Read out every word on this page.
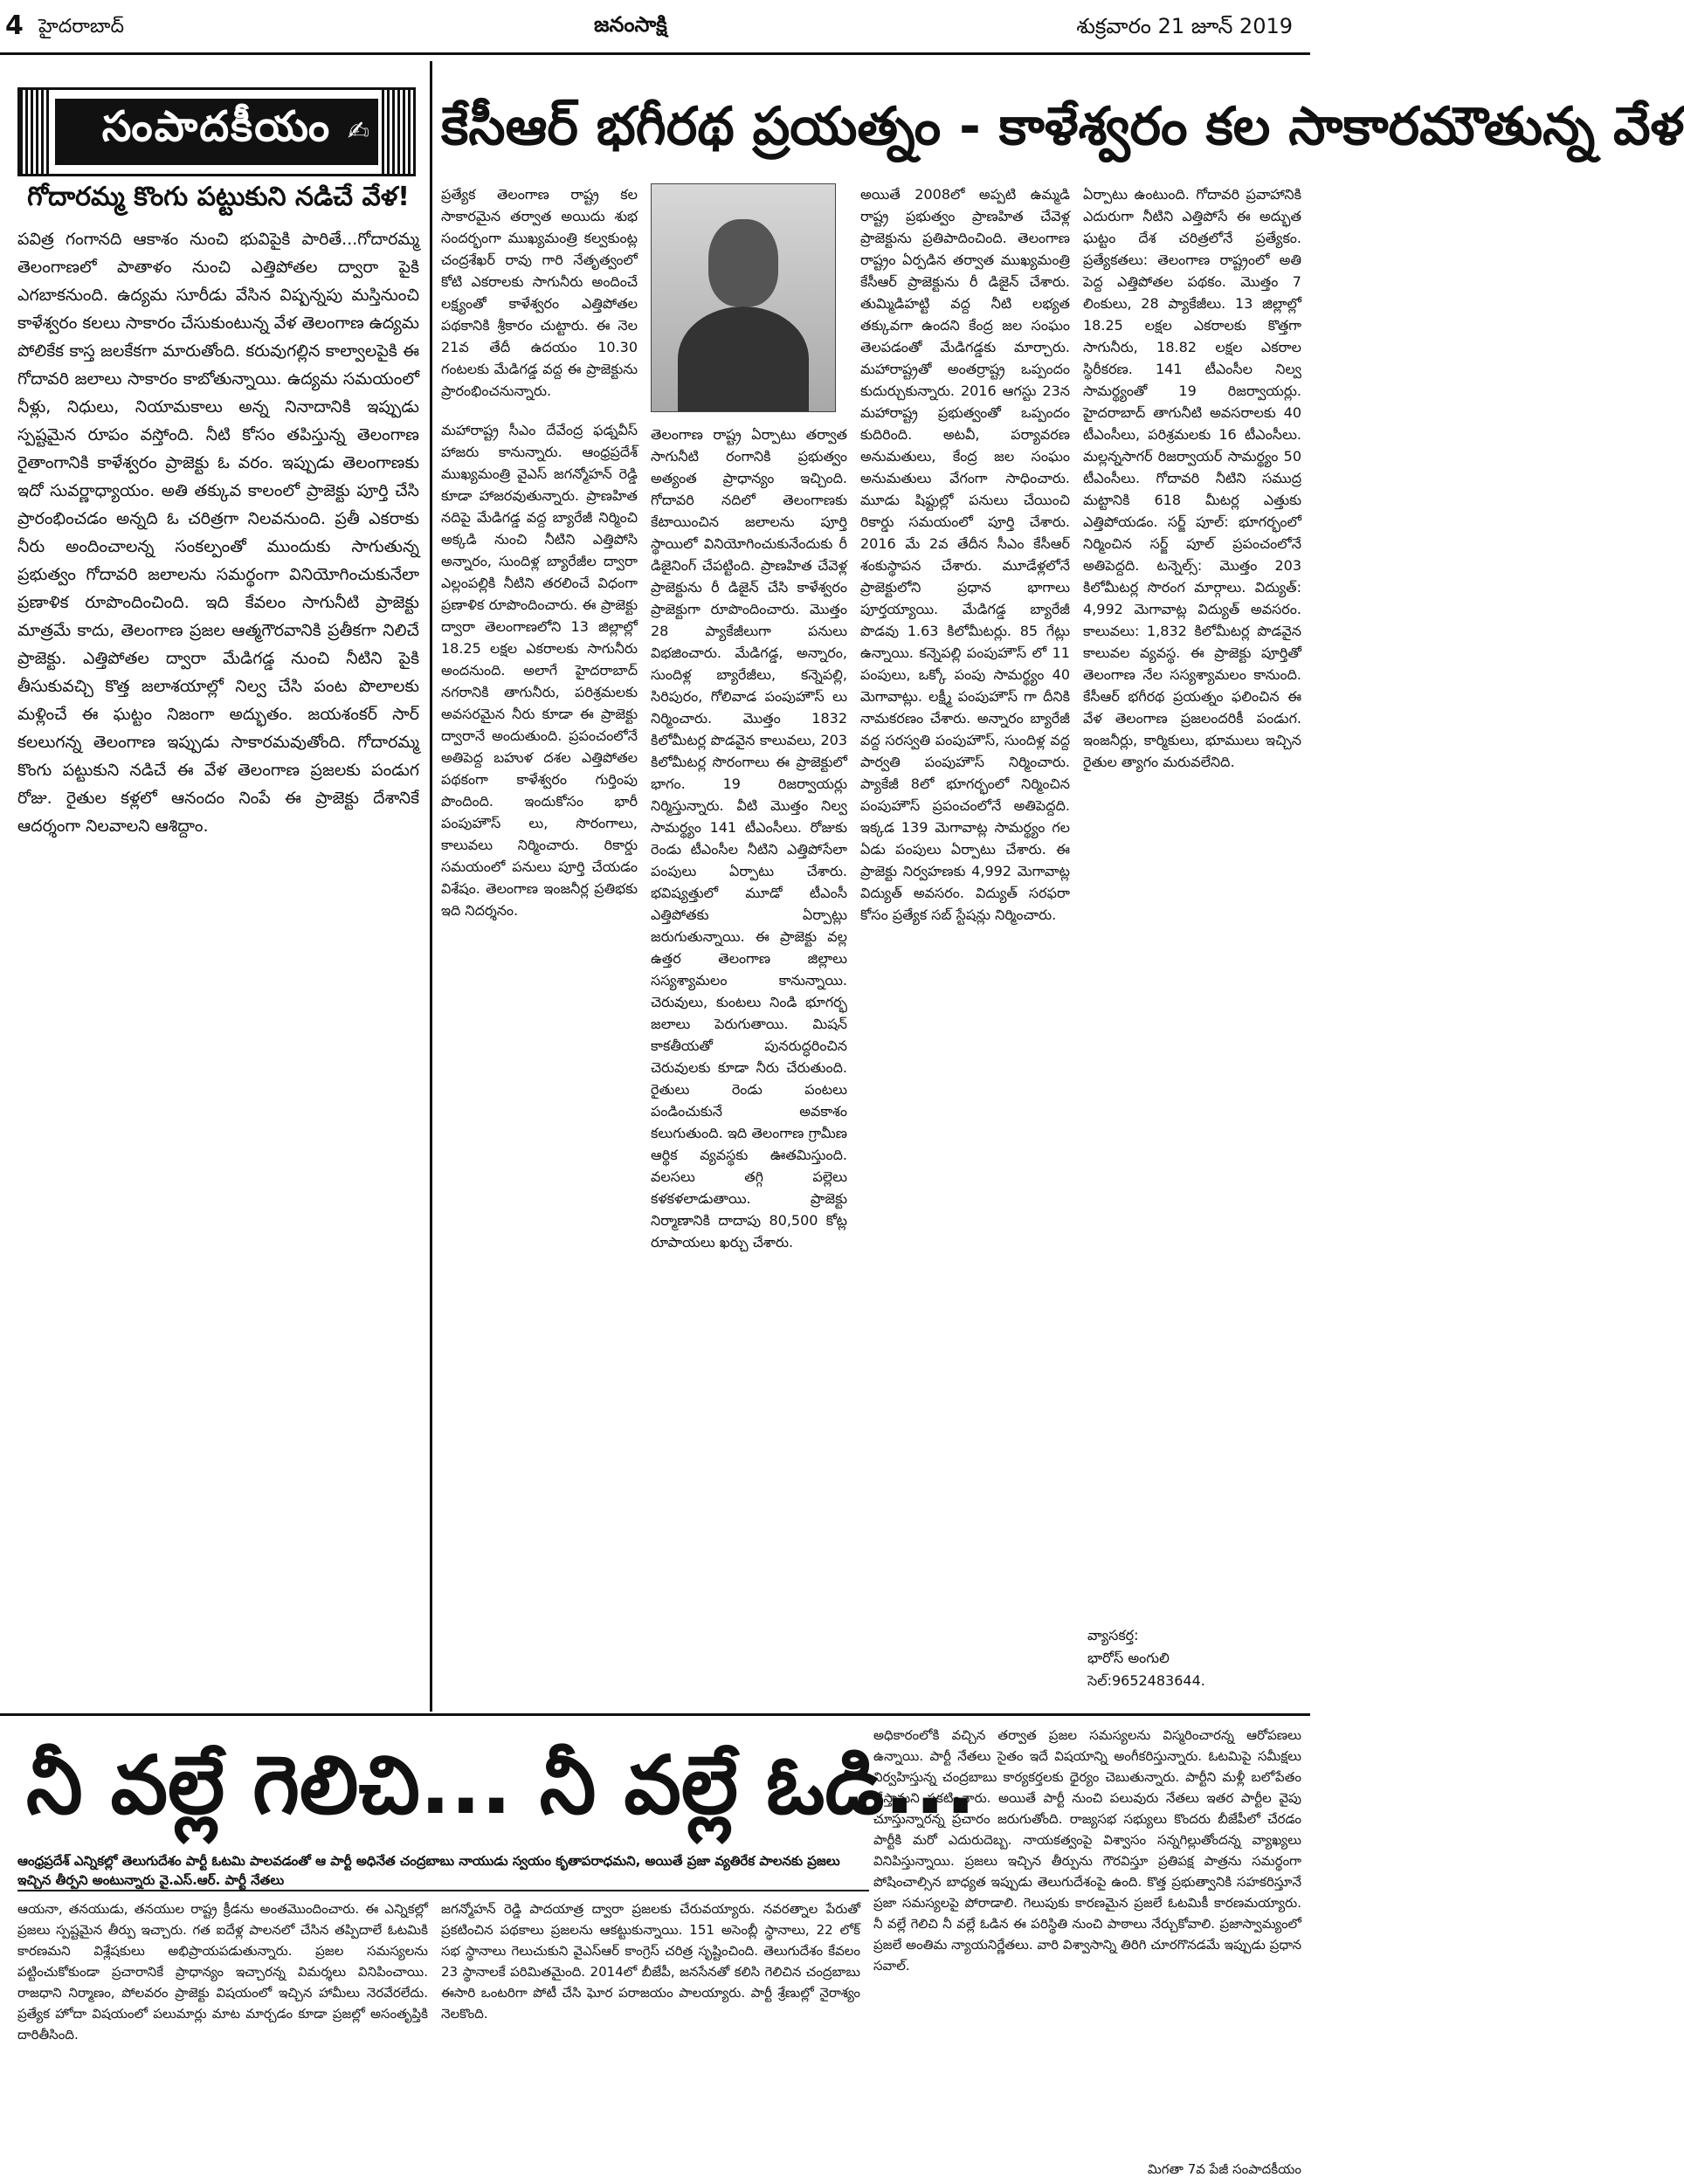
4 హైదరాబాద్	జనంసాక్షి	శుక్రవారం 21 జూన్ 2019
సంపాదకీయం ✍
గోదారమ్మ కొంగు పట్టుకుని నడిచే వేళ!
పవిత్ర గంగానది ఆకాశం నుంచి భువిపైకి పారితే...గోదారమ్మ తెలంగాణలో పాతాళం నుంచి ఎత్తిపోతల ద్వారా పైకి ఎగబాకనుంది. ఉద్యమ సూరీడు వేసిన విష్పన్నపు మస్తినుంచి కాళేశ్వరం కలలు సాకారం చేసుకుంటున్న వేళ తెలంగాణ ఉద్యమ పోలికేక కాస్త జలకేకగా మారుతోంది. కరువుగల్లిన కాల్వాలపైకి ఈ గోదావరి జలాలు సాకారం కాబోతున్నాయి. ఉద్యమ సమయంలో నీళ్లు, నిధులు, నియామకాలు అన్న నినాదానికి ఇప్పుడు స్పష్టమైన రూపం వస్తోంది. నీటి కోసం తపిస్తున్న తెలంగాణ రైతాంగానికి కాళేశ్వరం ప్రాజెక్టు ఓ వరం. ఇప్పుడు తెలంగాణకు ఇదో సువర్ణాధ్యాయం. అతి తక్కువ కాలంలో ప్రాజెక్టు పూర్తి చేసి ప్రారంభించడం అన్నది ఓ చరిత్రగా నిలవనుంది. ప్రతీ ఎకరాకు నీరు అందించాలన్న సంకల్పంతో ముందుకు సాగుతున్న ప్రభుత్వం గోదావరి జలాలను సమర్థంగా వినియోగించుకునేలా ప్రణాళిక రూపొందించింది. ఇది కేవలం సాగునీటి ప్రాజెక్టు మాత్రమే కాదు, తెలంగాణ ప్రజల ఆత్మగౌరవానికి ప్రతీకగా నిలిచే ప్రాజెక్టు. ఎత్తిపోతల ద్వారా మేడిగడ్డ నుంచి నీటిని పైకి తీసుకువచ్చి కొత్త జలాశయాల్లో నిల్వ చేసి పంట పొలాలకు మళ్లించే ఈ ఘట్టం నిజంగా అద్భుతం. జయశంకర్ సార్ కలలుగన్న తెలంగాణ ఇప్పుడు సాకారమవుతోంది. గోదారమ్మ కొంగు పట్టుకుని నడిచే ఈ వేళ తెలంగాణ ప్రజలకు పండుగ రోజు. రైతుల కళ్లలో ఆనందం నింపే ఈ ప్రాజెక్టు దేశానికే ఆదర్శంగా నిలవాలని ఆశిద్దాం.
కేసీఆర్ భగీరథ ప్రయత్నం - కాళేశ్వరం కల సాకారమౌతున్న వేళ
ప్రత్యేక తెలంగాణ రాష్ట్ర కల సాకారమైన తర్వాత అయిదు శుభ సందర్భంగా ముఖ్యమంత్రి కల్వకుంట్ల చంద్రశేఖర్ రావు గారి నేతృత్వంలో కోటి ఎకరాలకు సాగునీరు అందించే లక్ష్యంతో కాళేశ్వరం ఎత్తిపోతల పథకానికి శ్రీకారం చుట్టారు. ఈ నెల 21వ తేదీ ఉదయం 10.30 గంటలకు మేడిగడ్డ వద్ద ఈ ప్రాజెక్టును ప్రారంభించనున్నారు.
మహారాష్ట్ర సీఎం దేవేంద్ర ఫడ్నవీస్ హాజరు కానున్నారు. ఆంధ్రప్రదేశ్ ముఖ్యమంత్రి వైఎస్ జగన్మోహన్ రెడ్డి కూడా హాజరవుతున్నారు. ప్రాణహిత నదిపై మేడిగడ్డ వద్ద బ్యారేజీ నిర్మించి అక్కడి నుంచి నీటిని ఎత్తిపోసి అన్నారం, సుందిళ్ల బ్యారేజీల ద్వారా ఎల్లంపల్లికి నీటిని తరలించే విధంగా ప్రణాళిక రూపొందించారు. ఈ ప్రాజెక్టు ద్వారా తెలంగాణలోని 13 జిల్లాల్లో 18.25 లక్షల ఎకరాలకు సాగునీరు అందనుంది. అలాగే హైదరాబాద్ నగరానికి తాగునీరు, పరిశ్రమలకు అవసరమైన నీరు కూడా ఈ ప్రాజెక్టు ద్వారానే అందుతుంది. ప్రపంచంలోనే అతిపెద్ద బహుళ దశల ఎత్తిపోతల పథకంగా కాళేశ్వరం గుర్తింపు పొందింది. ఇందుకోసం భారీ పంపుహౌస్ లు, సొరంగాలు, కాలువలు నిర్మించారు. రికార్డు సమయంలో పనులు పూర్తి చేయడం విశేషం. తెలంగాణ ఇంజనీర్ల ప్రతిభకు ఇది నిదర్శనం.
తెలంగాణ రాష్ట్ర ఏర్పాటు తర్వాత సాగునీటి రంగానికి ప్రభుత్వం అత్యంత ప్రాధాన్యం ఇచ్చింది. గోదావరి నదిలో తెలంగాణకు కేటాయించిన జలాలను పూర్తి స్థాయిలో వినియోగించుకునేందుకు రీ డిజైనింగ్ చేపట్టింది. ప్రాణహిత చేవెళ్ల ప్రాజెక్టును రీ డిజైన్ చేసి కాళేశ్వరం ప్రాజెక్టుగా రూపొందించారు. మొత్తం 28 ప్యాకేజీలుగా పనులు విభజించారు. మేడిగడ్డ, అన్నారం, సుందిళ్ల బ్యారేజీలు, కన్నెపల్లి, సిరిపురం, గోలివాడ పంపుహౌస్ లు నిర్మించారు. మొత్తం 1832 కిలోమీటర్ల పొడవైన కాలువలు, 203 కిలోమీటర్ల సొరంగాలు ఈ ప్రాజెక్టులో భాగం. 19 రిజర్వాయర్లు నిర్మిస్తున్నారు. వీటి మొత్తం నిల్వ సామర్థ్యం 141 టీఎంసీలు. రోజుకు రెండు టీఎంసీల నీటిని ఎత్తిపోసేలా పంపులు ఏర్పాటు చేశారు. భవిష్యత్తులో మూడో టీఎంసీ ఎత్తిపోతకు ఏర్పాట్లు జరుగుతున్నాయి. ఈ ప్రాజెక్టు వల్ల ఉత్తర తెలంగాణ జిల్లాలు సస్యశ్యామలం కానున్నాయి. చెరువులు, కుంటలు నిండి భూగర్భ జలాలు పెరుగుతాయి. మిషన్ కాకతీయతో పునరుద్ధరించిన చెరువులకు కూడా నీరు చేరుతుంది. రైతులు రెండు పంటలు పండించుకునే అవకాశం కలుగుతుంది. ఇది తెలంగాణ గ్రామీణ ఆర్థిక వ్యవస్థకు ఊతమిస్తుంది. వలసలు తగ్గి పల్లెలు కళకళలాడుతాయి. ప్రాజెక్టు నిర్మాణానికి దాదాపు 80,500 కోట్ల రూపాయలు ఖర్చు చేశారు.
అయితే 2008లో అప్పటి ఉమ్మడి రాష్ట్ర ప్రభుత్వం ప్రాణహిత చేవెళ్ల ప్రాజెక్టును ప్రతిపాదించింది. తెలంగాణ రాష్ట్రం ఏర్పడిన తర్వాత ముఖ్యమంత్రి కేసీఆర్ ప్రాజెక్టును రీ డిజైన్ చేశారు. తుమ్మిడిహట్టి వద్ద నీటి లభ్యత తక్కువగా ఉందని కేంద్ర జల సంఘం తెలపడంతో మేడిగడ్డకు మార్చారు. మహారాష్ట్రతో అంతర్రాష్ట్ర ఒప్పందం కుదుర్చుకున్నారు. 2016 ఆగస్టు 23న మహారాష్ట్ర ప్రభుత్వంతో ఒప్పందం కుదిరింది. అటవీ, పర్యావరణ అనుమతులు, కేంద్ర జల సంఘం అనుమతులు వేగంగా సాధించారు. మూడు షిఫ్టుల్లో పనులు చేయించి రికార్డు సమయంలో పూర్తి చేశారు. 2016 మే 2వ తేదీన సీఎం కేసీఆర్ శంకుస్థాపన చేశారు. మూడేళ్లలోనే ప్రాజెక్టులోని ప్రధాన భాగాలు పూర్తయ్యాయి. మేడిగడ్డ బ్యారేజీ పొడవు 1.63 కిలోమీటర్లు. 85 గేట్లు ఉన్నాయి. కన్నెపల్లి పంపుహౌస్ లో 11 పంపులు, ఒక్కో పంపు సామర్థ్యం 40 మెగావాట్లు. లక్ష్మీ పంపుహౌస్ గా దీనికి నామకరణం చేశారు. అన్నారం బ్యారేజీ వద్ద సరస్వతి పంపుహౌస్, సుందిళ్ల వద్ద పార్వతి పంపుహౌస్ నిర్మించారు. ప్యాకేజీ 8లో భూగర్భంలో నిర్మించిన పంపుహౌస్ ప్రపంచంలోనే అతిపెద్దది. ఇక్కడ 139 మెగావాట్ల సామర్థ్యం గల ఏడు పంపులు ఏర్పాటు చేశారు. ఈ ప్రాజెక్టు నిర్వహణకు 4,992 మెగావాట్ల విద్యుత్ అవసరం. విద్యుత్ సరఫరా కోసం ప్రత్యేక సబ్ స్టేషన్లు నిర్మించారు.
ఏర్పాటు ఉంటుంది. గోదావరి ప్రవాహానికి ఎదురుగా నీటిని ఎత్తిపోసే ఈ అద్భుత ఘట్టం దేశ చరిత్రలోనే ప్రత్యేకం. ప్రత్యేకతలు: తెలంగాణ రాష్ట్రంలో అతి పెద్ద ఎత్తిపోతల పథకం. మొత్తం 7 లింకులు, 28 ప్యాకేజీలు. 13 జిల్లాల్లో 18.25 లక్షల ఎకరాలకు కొత్తగా సాగునీరు, 18.82 లక్షల ఎకరాల స్థిరీకరణ. 141 టీఎంసీల నిల్వ సామర్థ్యంతో 19 రిజర్వాయర్లు. హైదరాబాద్ తాగునీటి అవసరాలకు 40 టీఎంసీలు, పరిశ్రమలకు 16 టీఎంసీలు. మల్లన్నసాగర్ రిజర్వాయర్ సామర్థ్యం 50 టీఎంసీలు. గోదావరి నీటిని సముద్ర మట్టానికి 618 మీటర్ల ఎత్తుకు ఎత్తిపోయడం. సర్జ్ పూల్: భూగర్భంలో నిర్మించిన సర్జ్ పూల్ ప్రపంచంలోనే అతిపెద్దది. టన్నెల్స్: మొత్తం 203 కిలోమీటర్ల సొరంగ మార్గాలు. విద్యుత్: 4,992 మెగావాట్ల విద్యుత్ అవసరం. కాలువలు: 1,832 కిలోమీటర్ల పొడవైన కాలువల వ్యవస్థ. ఈ ప్రాజెక్టు పూర్తితో తెలంగాణ నేల సస్యశ్యామలం కానుంది. కేసీఆర్ భగీరథ ప్రయత్నం ఫలించిన ఈ వేళ తెలంగాణ ప్రజలందరికీ పండుగ. ఇంజనీర్లు, కార్మికులు, భూములు ఇచ్చిన రైతుల త్యాగం మరువలేనిది.
వ్యాసకర్త:
భారోస్ అంగులి
సెల్:9652483644.
నీ వల్లే గెలిచి... నీ వల్లే ఓడి...
ఆంధ్రప్రదేశ్ ఎన్నికల్లో తెలుగుదేశం పార్టీ ఓటమి పాలవడంతో ఆ పార్టీ అధినేత చంద్రబాబు నాయుడు స్వయం కృతాపరాధమని, అయితే ప్రజా వ్యతిరేక పాలనకు ప్రజలు ఇచ్చిన తీర్పని అంటున్నారు వై.ఎస్.ఆర్. పార్టీ నేతలు
ఆయనా, తనయుడు, తనయుల రాష్ట్ర క్రీడను అంతమొందించారు. ఈ ఎన్నికల్లో ప్రజలు స్పష్టమైన తీర్పు ఇచ్చారు. గత ఐదేళ్ల పాలనలో చేసిన తప్పిదాలే ఓటమికి కారణమని విశ్లేషకులు అభిప్రాయపడుతున్నారు. ప్రజల సమస్యలను పట్టించుకోకుండా ప్రచారానికే ప్రాధాన్యం ఇచ్చారన్న విమర్శలు వినిపించాయి. రాజధాని నిర్మాణం, పోలవరం ప్రాజెక్టు విషయంలో ఇచ్చిన హామీలు నెరవేరలేదు. ప్రత్యేక హోదా విషయంలో పలుమార్లు మాట మార్చడం కూడా ప్రజల్లో అసంతృప్తికి దారితీసింది.
జగన్మోహన్ రెడ్డి పాదయాత్ర ద్వారా ప్రజలకు చేరువయ్యారు. నవరత్నాల పేరుతో ప్రకటించిన పథకాలు ప్రజలను ఆకట్టుకున్నాయి. 151 అసెంబ్లీ స్థానాలు, 22 లోక్ సభ స్థానాలు గెలుచుకుని వైఎస్ఆర్ కాంగ్రెస్ చరిత్ర సృష్టించింది. తెలుగుదేశం కేవలం 23 స్థానాలకే పరిమితమైంది. 2014లో బీజేపీ, జనసేనతో కలిసి గెలిచిన చంద్రబాబు ఈసారి ఒంటరిగా పోటీ చేసి ఘోర పరాజయం పాలయ్యారు. పార్టీ శ్రేణుల్లో నైరాశ్యం నెలకొంది.
అధికారంలోకి వచ్చిన తర్వాత ప్రజల సమస్యలను విస్మరించారన్న ఆరోపణలు ఉన్నాయి. పార్టీ నేతలు సైతం ఇదే విషయాన్ని అంగీకరిస్తున్నారు. ఓటమిపై సమీక్షలు నిర్వహిస్తున్న చంద్రబాబు కార్యకర్తలకు ధైర్యం చెబుతున్నారు. పార్టీని మళ్లీ బలోపేతం చేస్తామని ప్రకటించారు. అయితే పార్టీ నుంచి పలువురు నేతలు ఇతర పార్టీల వైపు చూస్తున్నారన్న ప్రచారం జరుగుతోంది. రాజ్యసభ సభ్యులు కొందరు బీజేపీలో చేరడం పార్టీకి మరో ఎదురుదెబ్బ. నాయకత్వంపై విశ్వాసం సన్నగిల్లుతోందన్న వ్యాఖ్యలు వినిపిస్తున్నాయి. ప్రజలు ఇచ్చిన తీర్పును గౌరవిస్తూ ప్రతిపక్ష పాత్రను సమర్థంగా పోషించాల్సిన బాధ్యత ఇప్పుడు తెలుగుదేశంపై ఉంది. కొత్త ప్రభుత్వానికి సహకరిస్తూనే ప్రజా సమస్యలపై పోరాడాలి. గెలుపుకు కారణమైన ప్రజలే ఓటమికీ కారణమయ్యారు. నీ వల్లే గెలిచి నీ వల్లే ఓడిన ఈ పరిస్థితి నుంచి పాఠాలు నేర్చుకోవాలి. ప్రజాస్వామ్యంలో ప్రజలే అంతిమ న్యాయనిర్ణేతలు. వారి విశ్వాసాన్ని తిరిగి చూరగొనడమే ఇప్పుడు ప్రధాన సవాల్.
మిగతా 7వ పేజీ సంపాదకీయం
